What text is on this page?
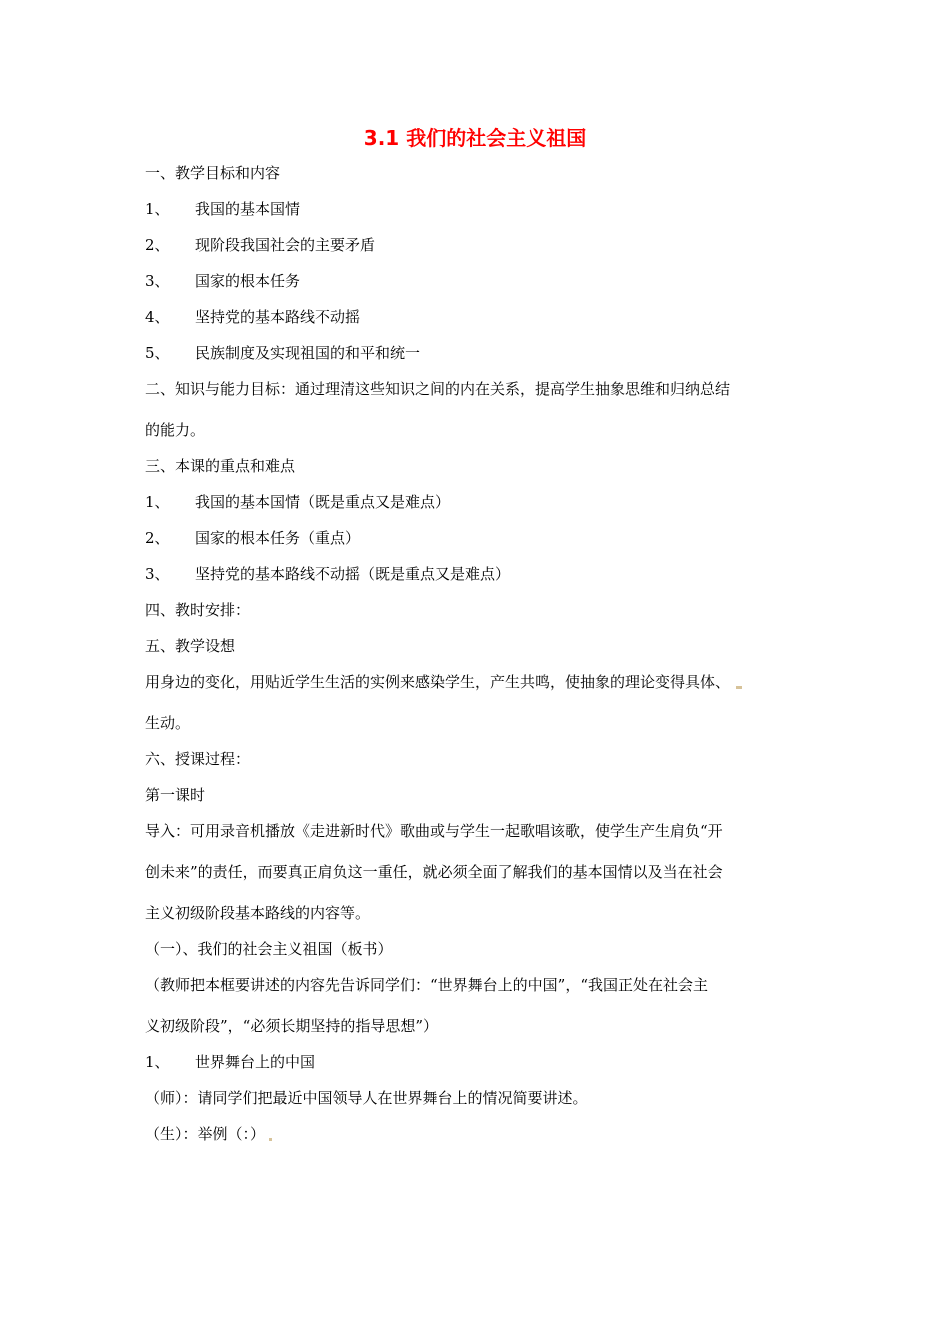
3.1 我们的社会主义祖国
一、教学目标和内容
1、 我国的基本国情
2、 现阶段我国社会的主要矛盾
3、 国家的根本任务
4、 坚持党的基本路线不动摇
5、 民族制度及实现祖国的和平和统一
二、知识与能力目标：通过理清这些知识之间的内在关系，提高学生抽象思维和归纳总结
的能力。
三、本课的重点和难点
1、 我国的基本国情（既是重点又是难点）
2、 国家的根本任务（重点）
3、 坚持党的基本路线不动摇（既是重点又是难点）
四、教时安排：
五、教学设想
用身边的变化，用贴近学生生活的实例来感染学生，产生共鸣，使抽象的理论变得具体、
生动。
六、授课过程：
第一课时
导入：可用录音机播放《走进新时代》歌曲或与学生一起歌唱该歌，使学生产生肩负“开
创未来”的责任，而要真正肩负这一重任，就必须全面了解我们的基本国情以及当在社会
主义初级阶段基本路线的内容等。
（一）、我们的社会主义祖国（板书）
（教师把本框要讲述的内容先告诉同学们：“世界舞台上的中国”，“我国正处在社会主
义初级阶段”，“必须长期坚持的指导思想”）
1、 世界舞台上的中国
（师）：请同学们把最近中国领导人在世界舞台上的情况简要讲述。
（生）：举例（：）
